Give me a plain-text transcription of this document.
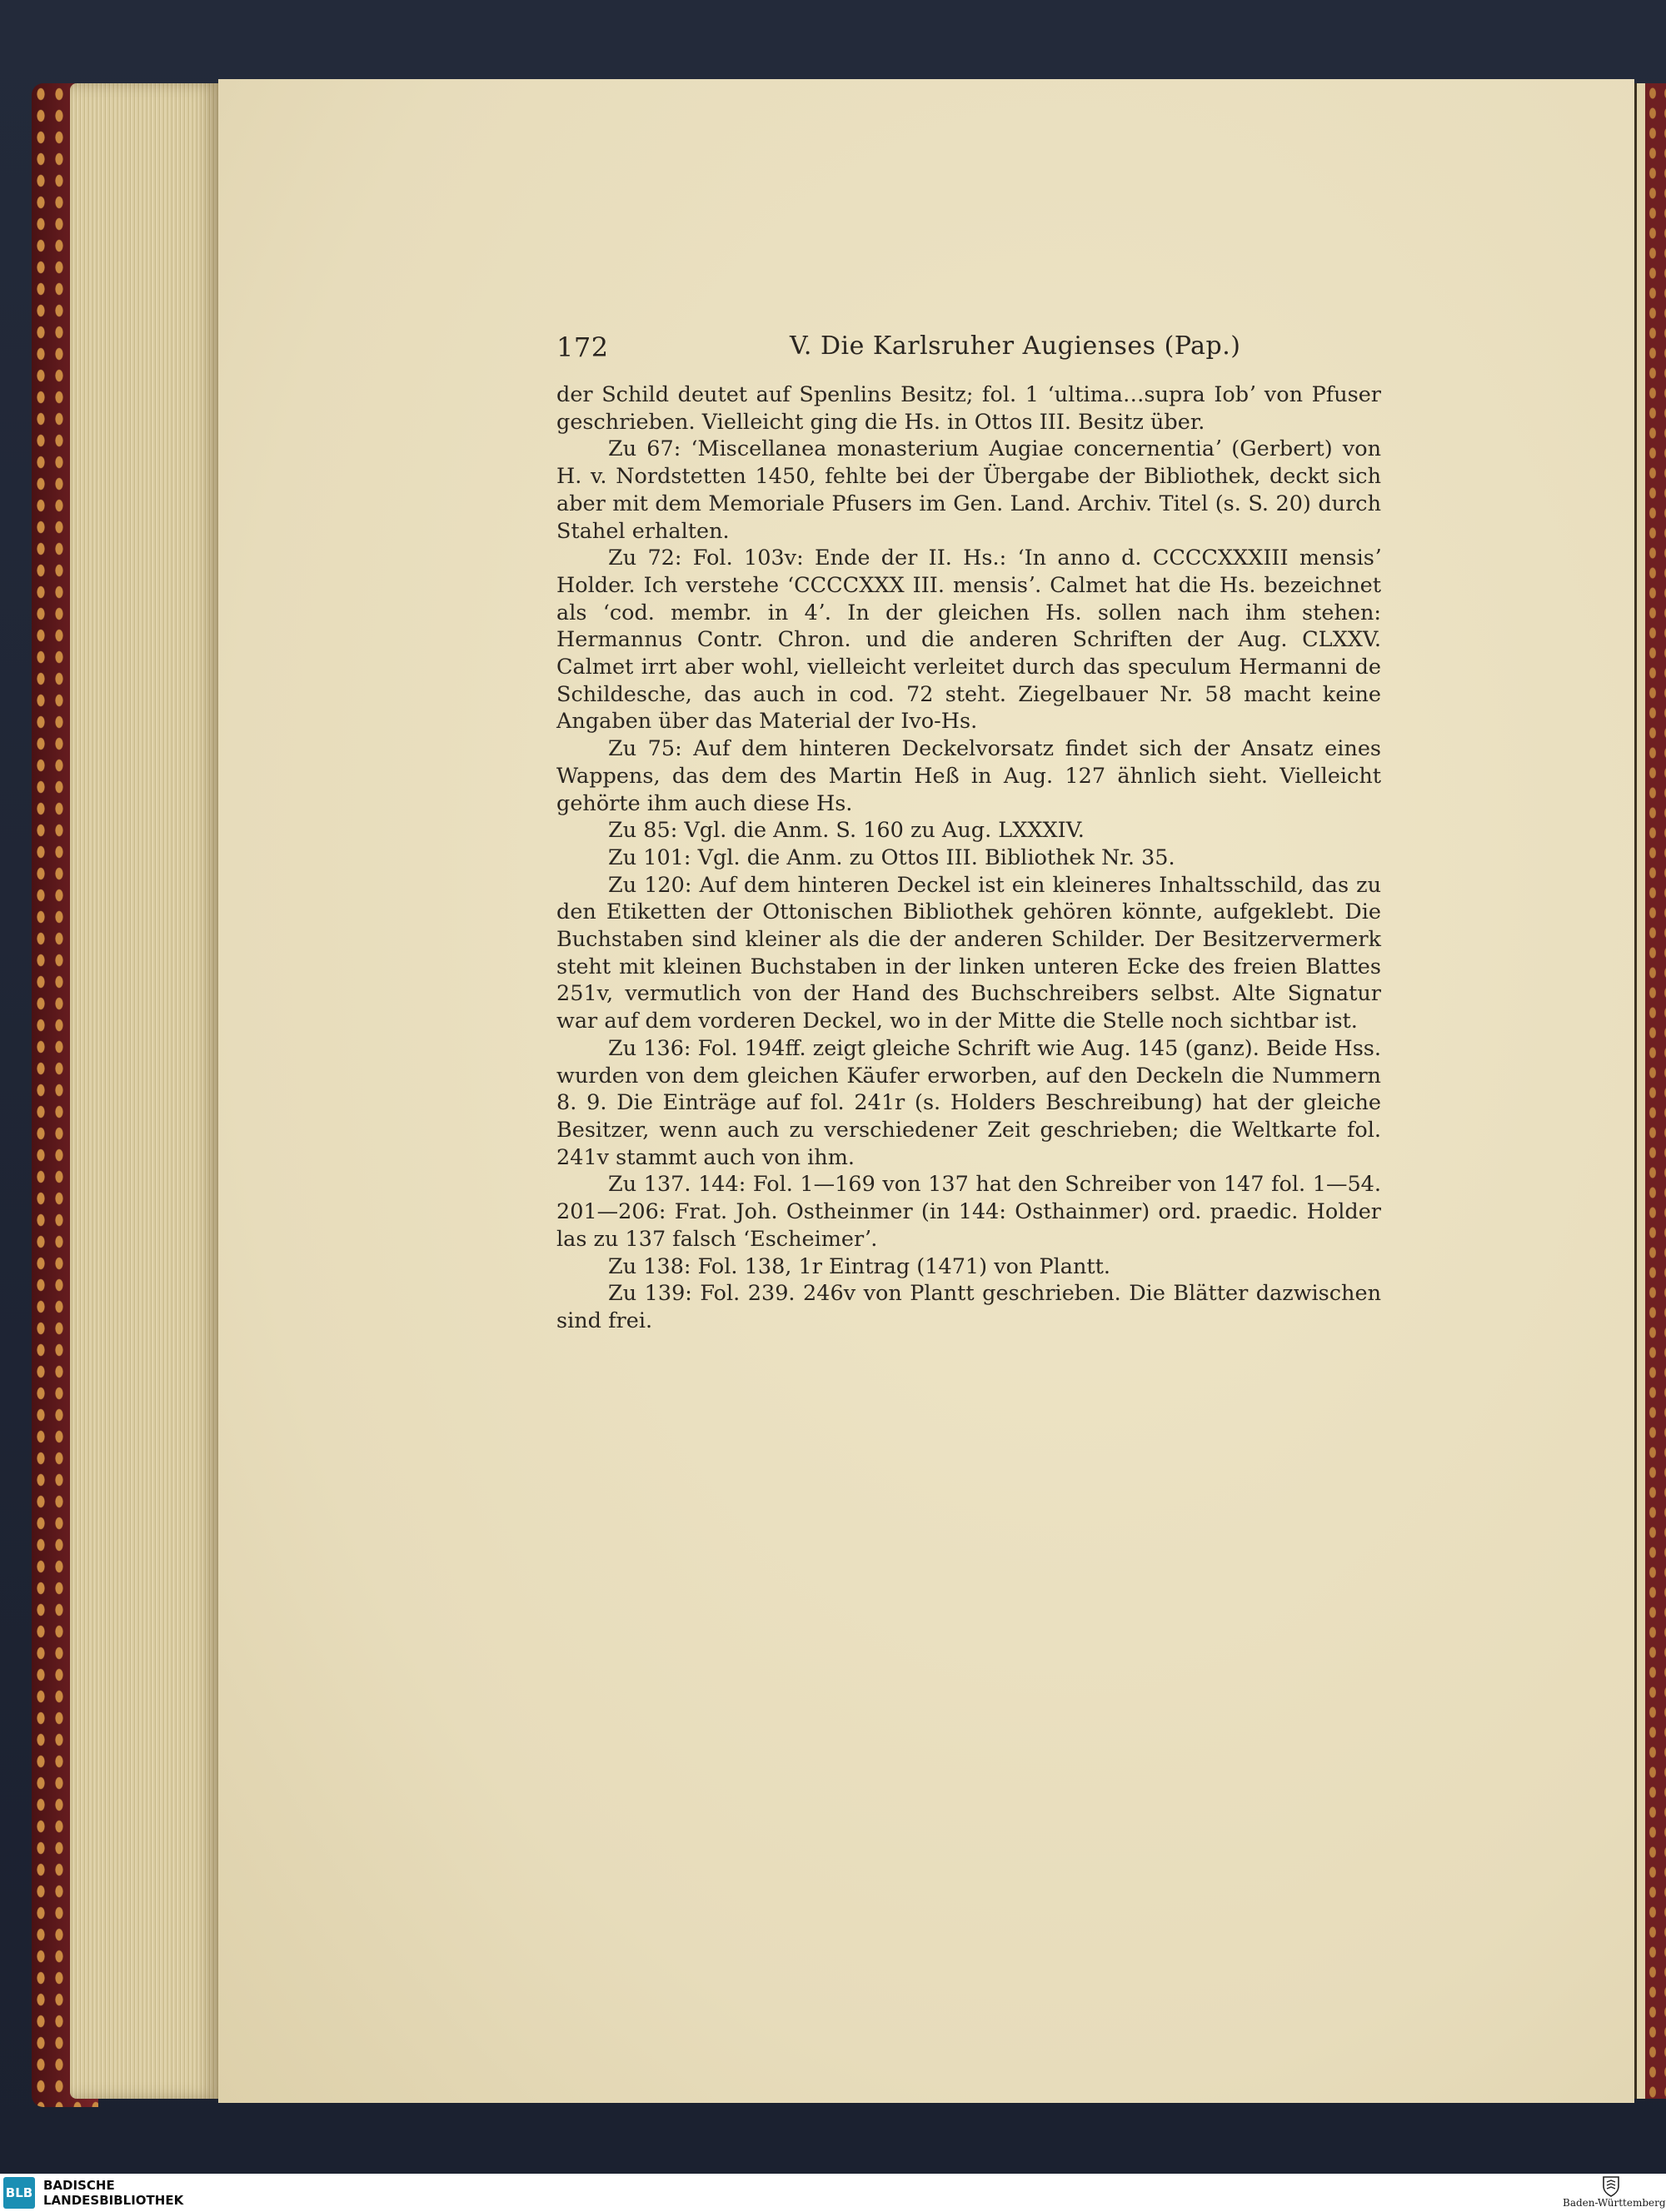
172	V. Die Karlsruher Augienses (Pap.)

der Schild deutet auf Spenlins Besitz; fol. 1 ʻultima…supra Iobʼ von Pfuser geschrieben. Vielleicht ging die Hs. in Ottos III. Besitz über.

Zu 67: ʻMiscellanea monasterium Augiae concernentiaʼ (Gerbert) von H. v. Nordstetten 1450, fehlte bei der Übergabe der Bibliothek, deckt sich aber mit dem Memoriale Pfusers im Gen. Land. Archiv. Titel (s. S. 20) durch Stahel erhalten.

Zu 72: Fol. 103v: Ende der II. Hs.: ʻIn anno d. CCCCXXXIII mensisʼ Holder. Ich verstehe ʻCCCCXXX III. mensisʼ. Calmet hat die Hs. bezeichnet als ʻcod. membr. in 4ʼ. In der gleichen Hs. sollen nach ihm stehen: Hermannus Contr. Chron. und die anderen Schriften der Aug. CLXXV. Calmet irrt aber wohl, vielleicht verleitet durch das speculum Hermanni de Schildesche, das auch in cod. 72 steht. Ziegelbauer Nr. 58 macht keine Angaben über das Material der Ivo-Hs.

Zu 75: Auf dem hinteren Deckelvorsatz findet sich der Ansatz eines Wappens, das dem des Martin Heß in Aug. 127 ähnlich sieht. Vielleicht gehörte ihm auch diese Hs.

Zu 85: Vgl. die Anm. S. 160 zu Aug. LXXXIV.

Zu 101: Vgl. die Anm. zu Ottos III. Bibliothek Nr. 35.

Zu 120: Auf dem hinteren Deckel ist ein kleineres Inhaltsschild, das zu den Etiketten der Ottonischen Bibliothek gehören könnte, aufgeklebt. Die Buchstaben sind kleiner als die der anderen Schilder. Der Besitzervermerk steht mit kleinen Buchstaben in der linken unteren Ecke des freien Blattes 251v, vermutlich von der Hand des Buchschreibers selbst. Alte Signatur war auf dem vorderen Deckel, wo in der Mitte die Stelle noch sichtbar ist.

Zu 136: Fol. 194ff. zeigt gleiche Schrift wie Aug. 145 (ganz). Beide Hss. wurden von dem gleichen Käufer erworben, auf den Deckeln die Nummern 8. 9. Die Einträge auf fol. 241r (s. Holders Beschreibung) hat der gleiche Besitzer, wenn auch zu verschiedener Zeit geschrieben; die Weltkarte fol. 241v stammt auch von ihm.

Zu 137. 144: Fol. 1—169 von 137 hat den Schreiber von 147 fol. 1—54. 201—206: Frat. Joh. Ostheinmer (in 144: Osthainmer) ord. praedic. Holder las zu 137 falsch ʻEscheimerʼ.

Zu 138: Fol. 138, 1r Eintrag (1471) von Plantt.

Zu 139: Fol. 239. 246v von Plantt geschrieben. Die Blätter dazwischen sind frei.

BLB BADISCHE
LANDESBIBLIOTHEK	Baden-Württemberg
